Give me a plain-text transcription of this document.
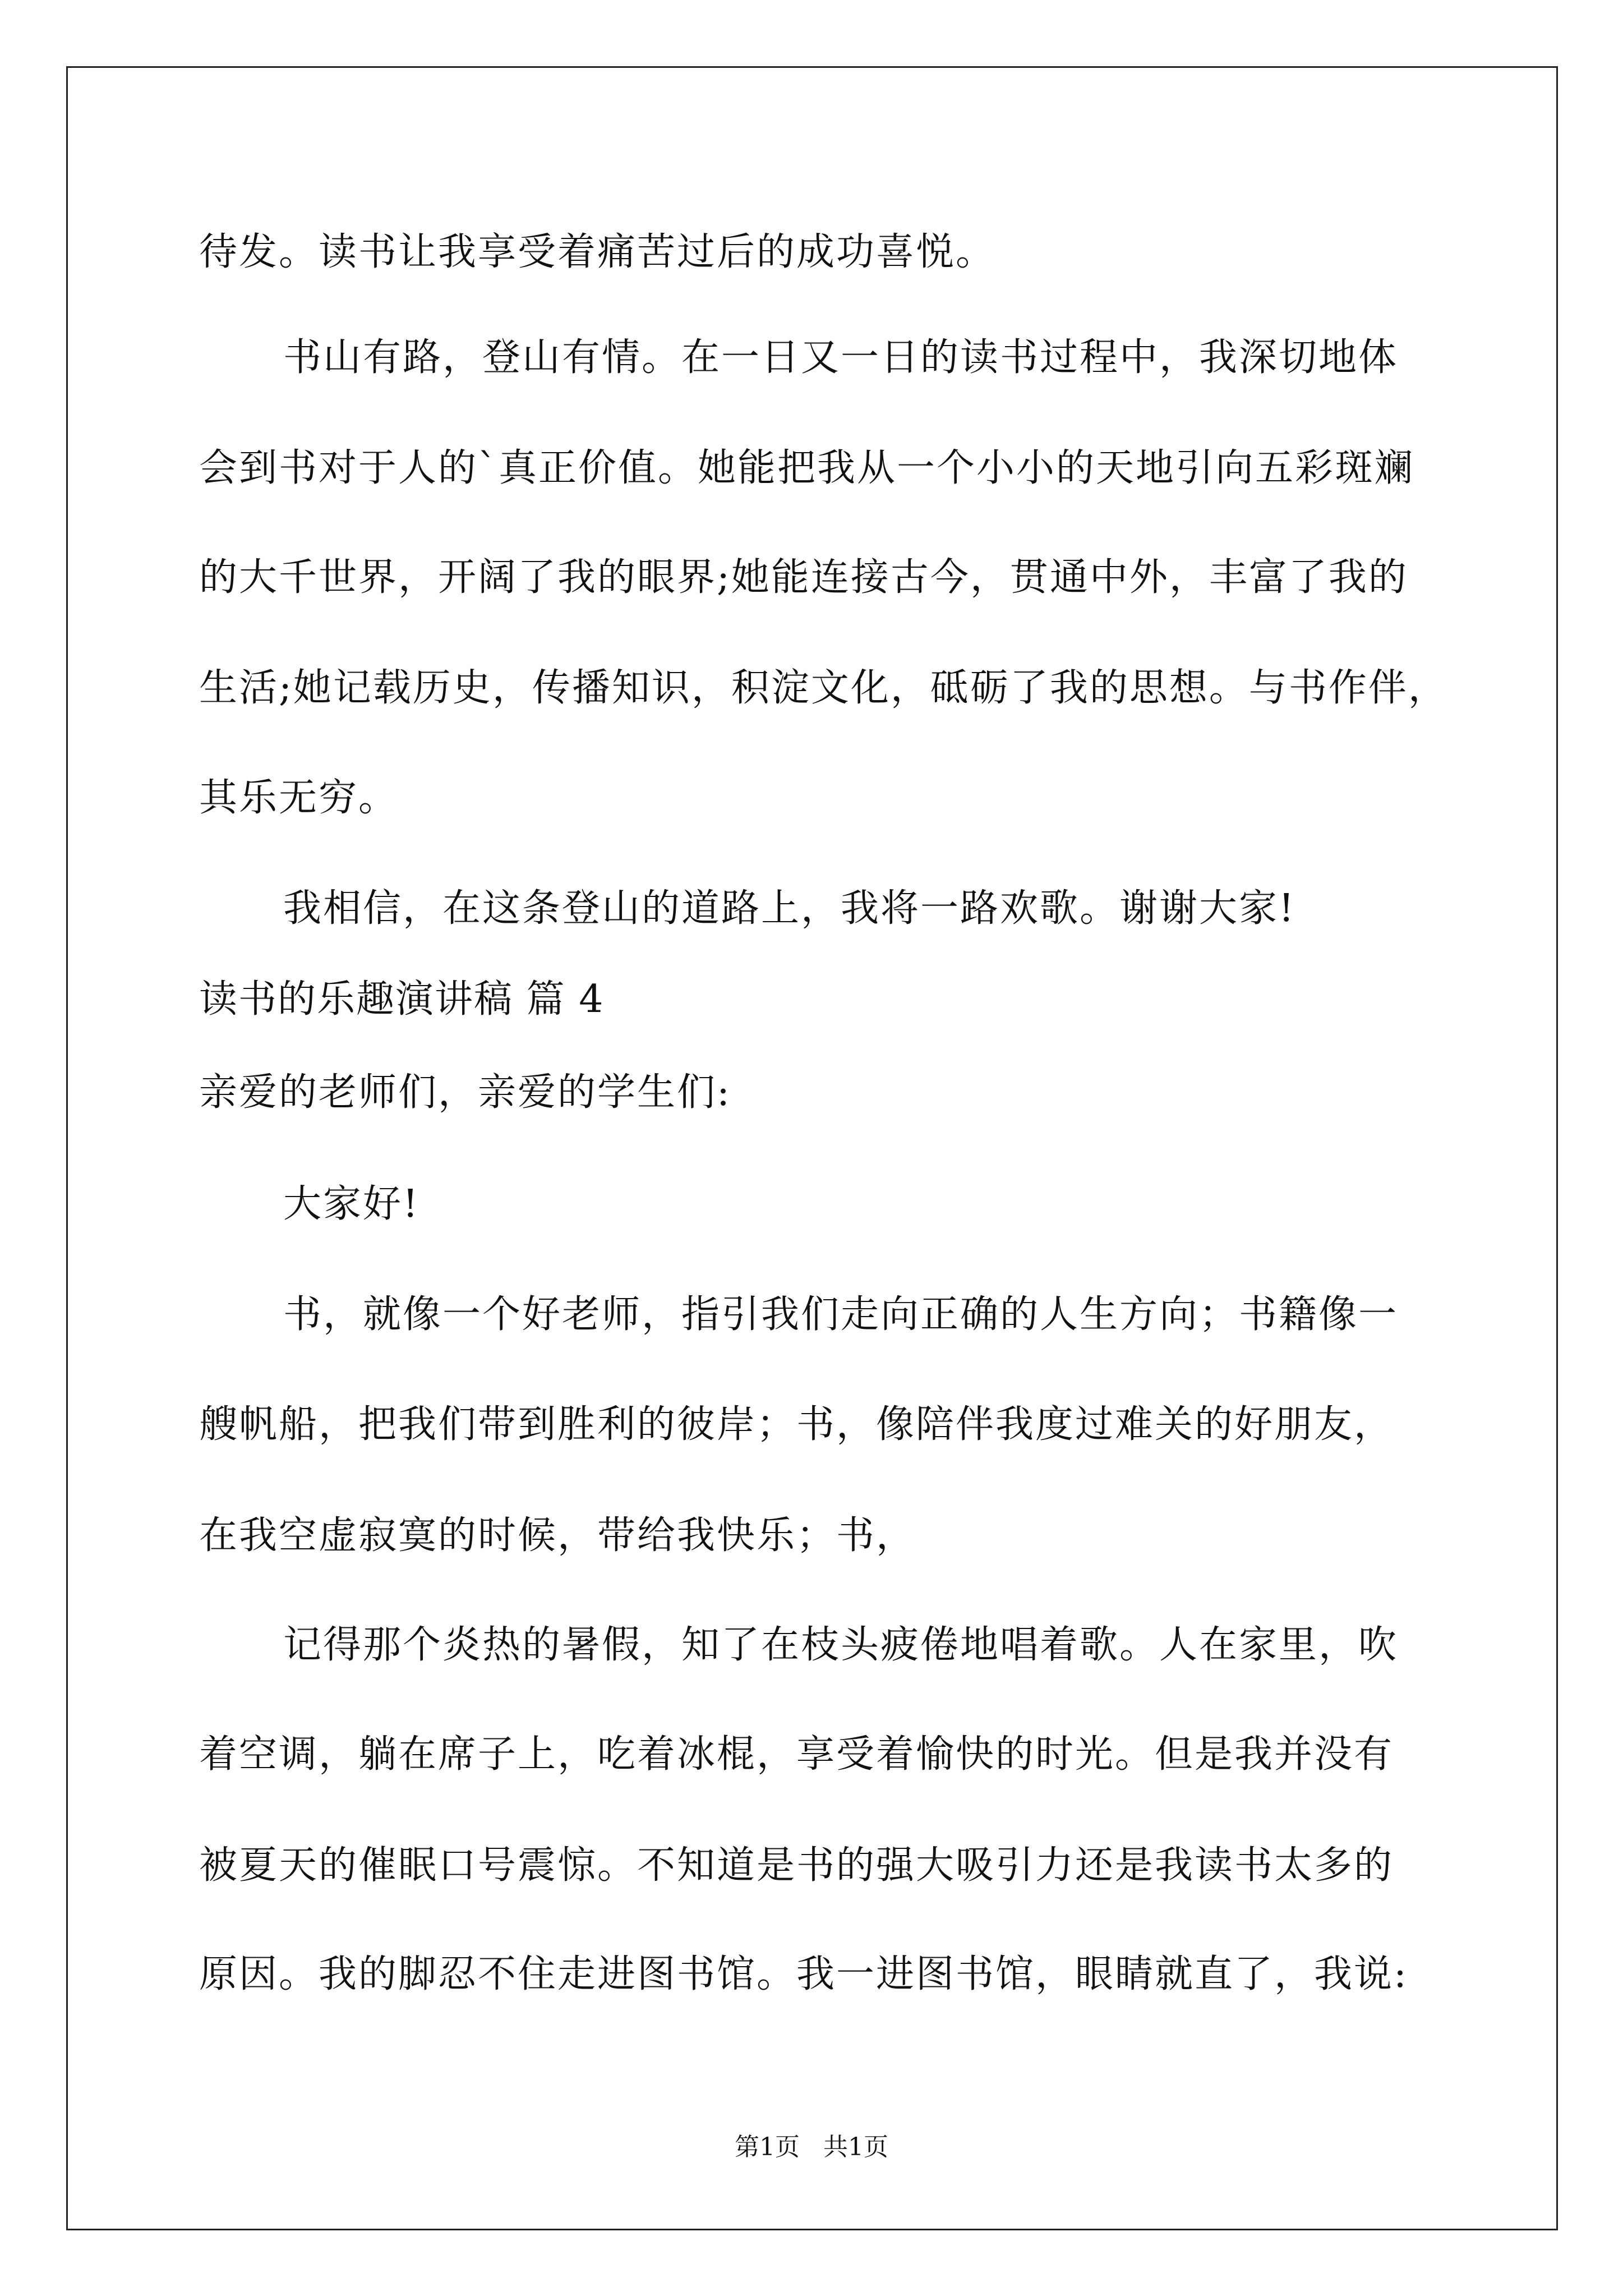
待发。读书让我享受着痛苦过后的成功喜悦。
书山有路，登山有情。在一日又一日的读书过程中，我深切地体
会到书对于人的`真正价值。她能把我从一个小小的天地引向五彩斑斓
的大千世界，开阔了我的眼界;她能连接古今，贯通中外，丰富了我的
生活;她记载历史，传播知识，积淀文化，砥砺了我的思想。与书作伴，
其乐无穷。
我相信，在这条登山的道路上，我将一路欢歌。谢谢大家!
读书的乐趣演讲稿 篇 4
亲爱的老师们，亲爱的学生们:
大家好!
书，就像一个好老师，指引我们走向正确的人生方向；书籍像一
艘帆船，把我们带到胜利的彼岸；书，像陪伴我度过难关的好朋友，
在我空虚寂寞的时候，带给我快乐；书，
记得那个炎热的暑假，知了在枝头疲倦地唱着歌。人在家里，吹
着空调，躺在席子上，吃着冰棍，享受着愉快的时光。但是我并没有
被夏天的催眠口号震惊。不知道是书的强大吸引力还是我读书太多的
原因。我的脚忍不住走进图书馆。我一进图书馆，眼睛就直了，我说:
第1页   共1页
